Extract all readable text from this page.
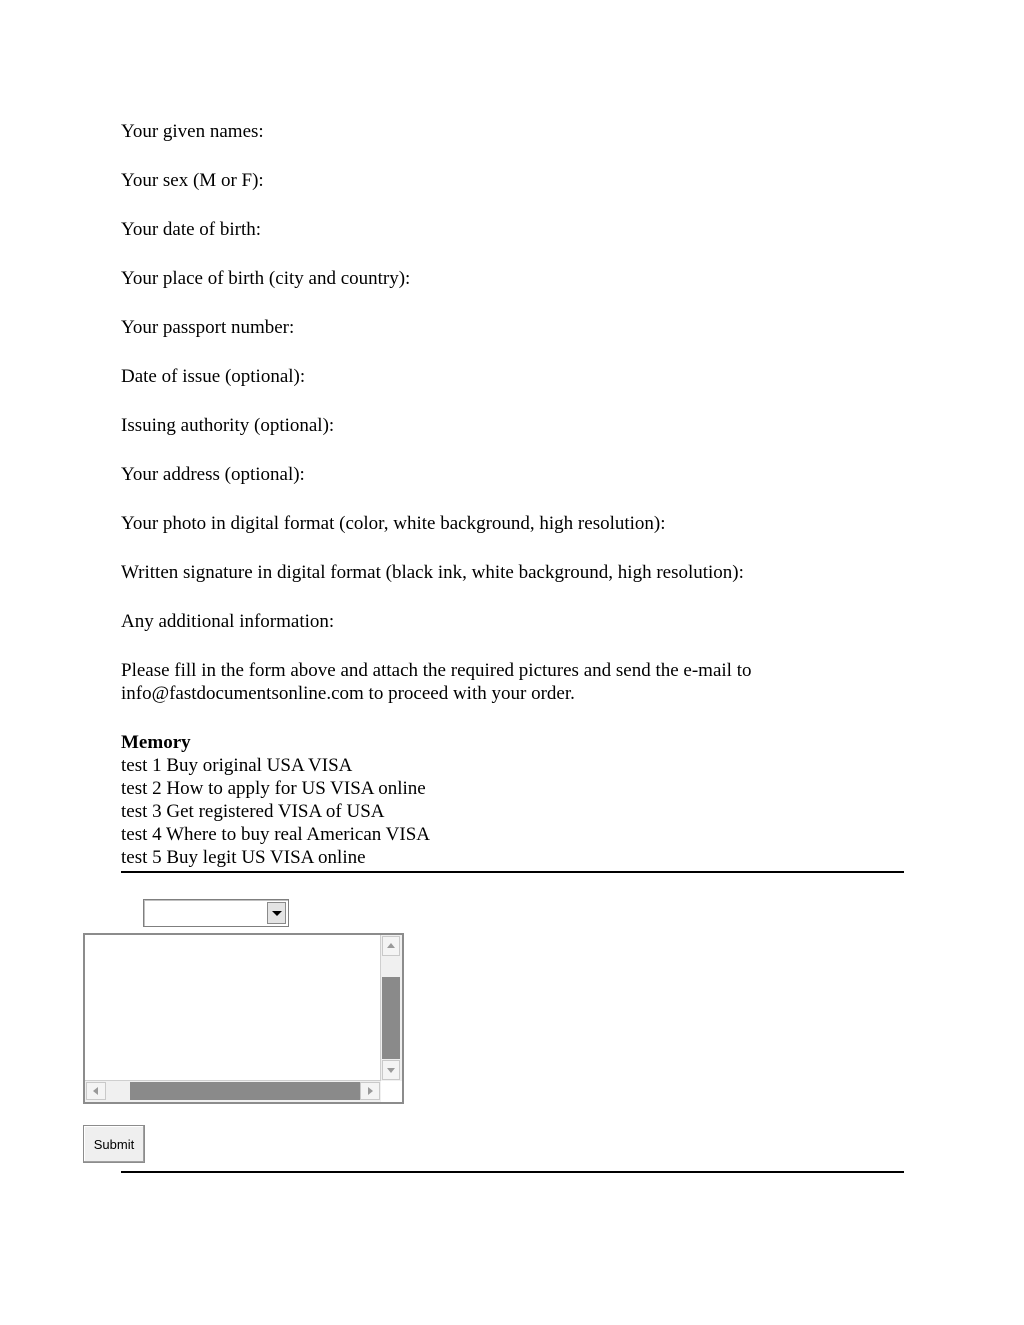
Your given names:
Your sex (M or F):
Your date of birth:
Your place of birth (city and country):
Your passport number:
Date of issue (optional):
Issuing authority (optional):
Your address (optional):
Your photo in digital format (color, white background, high resolution):
Written signature in digital format (black ink, white background, high resolution):
Any additional information:
Please fill in the form above and attach the required pictures and send the e-mail to
info@fastdocumentsonline.com to proceed with your order.
Memory
test 1 Buy original USA VISA
test 2 How to apply for US VISA online
test 3 Get registered VISA of USA
test 4 Where to buy real American VISA
test 5 Buy legit US VISA online
Submit
